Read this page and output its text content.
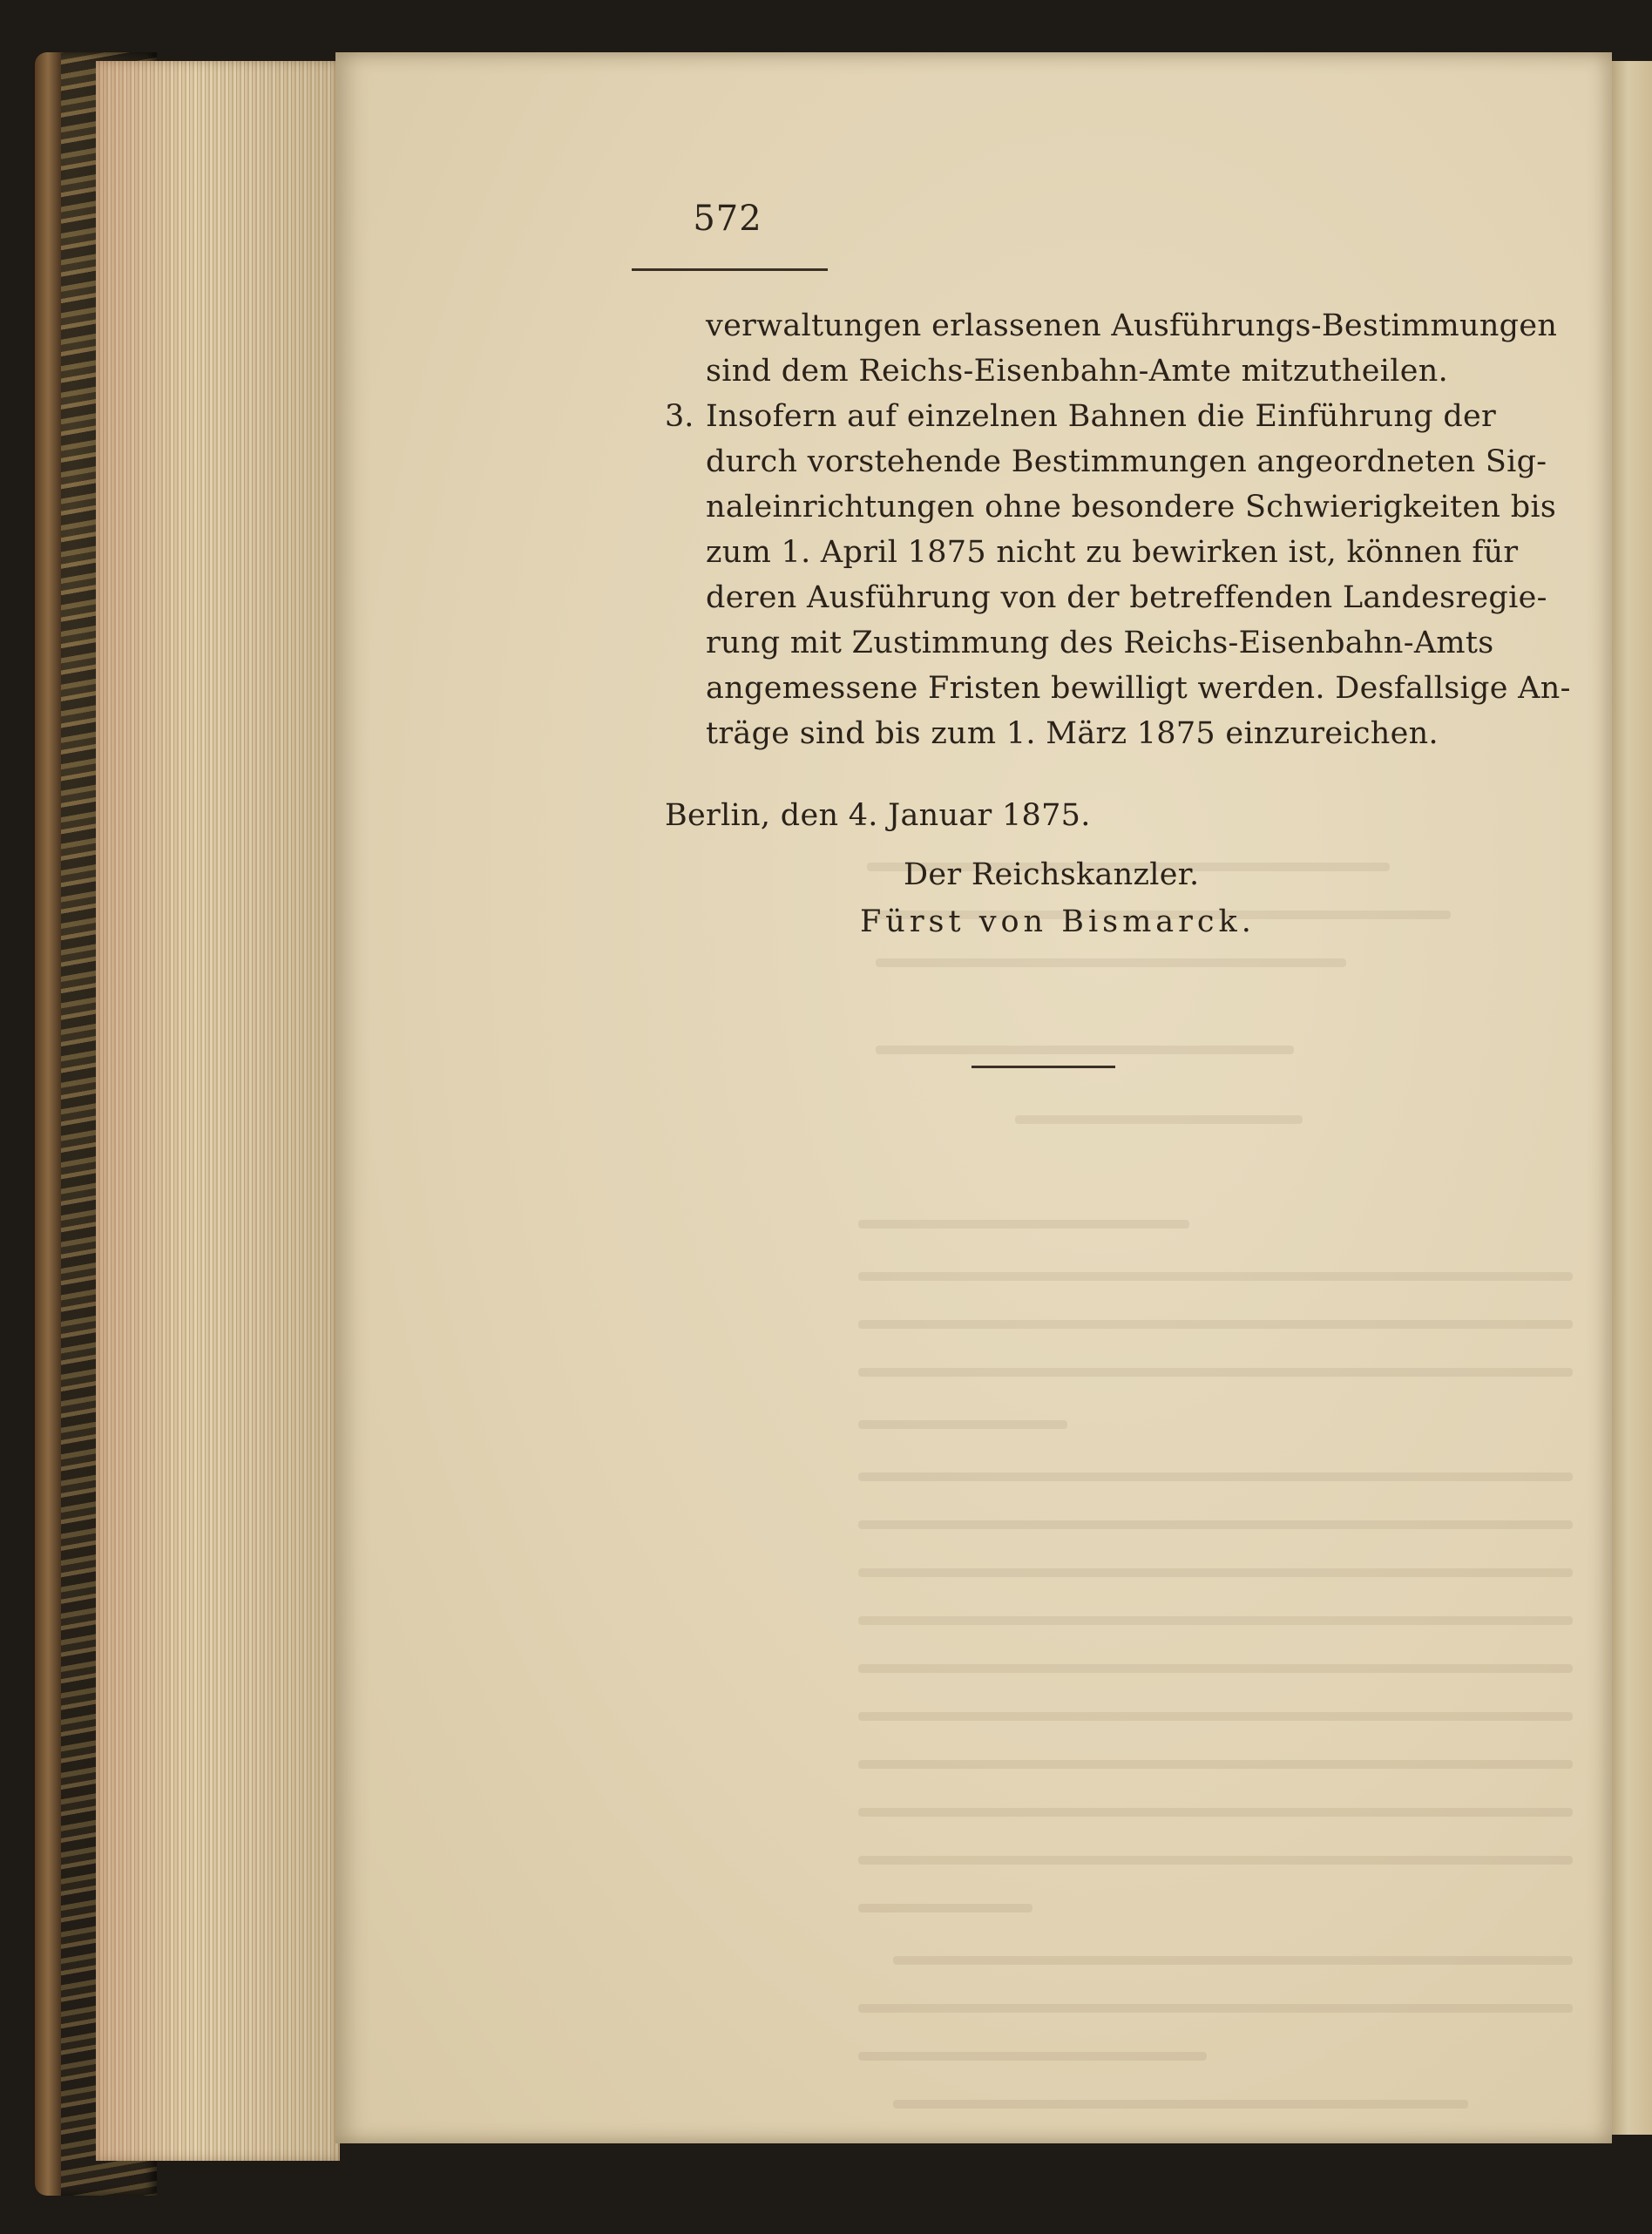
572
verwaltungen erlassenen Ausführungs-Bestimmungen
sind dem Reichs-Eisenbahn-Amte mitzutheilen.
3. Insofern auf einzelnen Bahnen die Einführung der
durch vorstehende Bestimmungen angeordneten Sig-
naleinrichtungen ohne besondere Schwierigkeiten bis
zum 1. April 1875 nicht zu bewirken ist, können für
deren Ausführung von der betreffenden Landesregie-
rung mit Zustimmung des Reichs-Eisenbahn-Amts
angemessene Fristen bewilligt werden. Desfallsige An-
träge sind bis zum 1. März 1875 einzureichen.
Berlin, den 4. Januar 1875.
Der Reichskanzler.
Fürst von Bismarck.
